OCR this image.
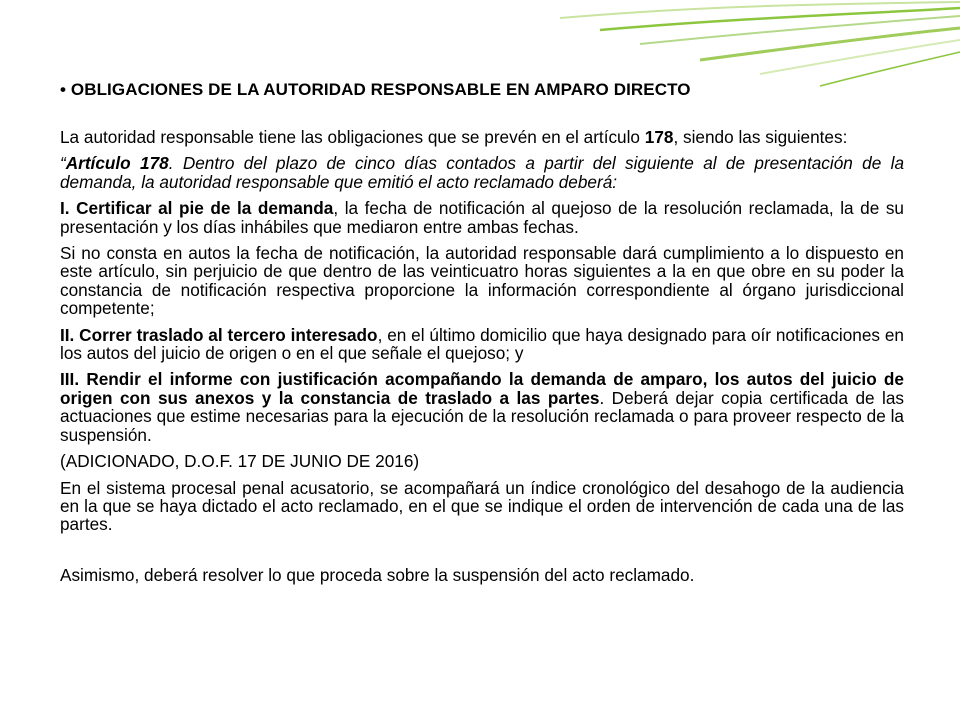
• OBLIGACIONES DE LA AUTORIDAD RESPONSABLE EN AMPARO DIRECTO

La autoridad responsable tiene las obligaciones que se prevén en el artículo 178, siendo las siguientes:

“Artículo 178. Dentro del plazo de cinco días contados a partir del siguiente al de presentación de la demanda, la autoridad responsable que emitió el acto reclamado deberá:

I. Certificar al pie de la demanda, la fecha de notificación al quejoso de la resolución reclamada, la de su presentación y los días inhábiles que mediaron entre ambas fechas.

Si no consta en autos la fecha de notificación, la autoridad responsable dará cumplimiento a lo dispuesto en este artículo, sin perjuicio de que dentro de las veinticuatro horas siguientes a la en que obre en su poder la constancia de notificación respectiva proporcione la información correspondiente al órgano jurisdiccional competente;

II. Correr traslado al tercero interesado, en el último domicilio que haya designado para oír notificaciones en los autos del juicio de origen o en el que señale el quejoso; y

III. Rendir el informe con justificación acompañando la demanda de amparo, los autos del juicio de origen con sus anexos y la constancia de traslado a las partes. Deberá dejar copia certificada de las actuaciones que estime necesarias para la ejecución de la resolución reclamada o para proveer respecto de la suspensión.

(ADICIONADO, D.O.F. 17 DE JUNIO DE 2016)

En el sistema procesal penal acusatorio, se acompañará un índice cronológico del desahogo de la audiencia en la que se haya dictado el acto reclamado, en el que se indique el orden de intervención de cada una de las partes.

Asimismo, deberá resolver lo que proceda sobre la suspensión del acto reclamado.
